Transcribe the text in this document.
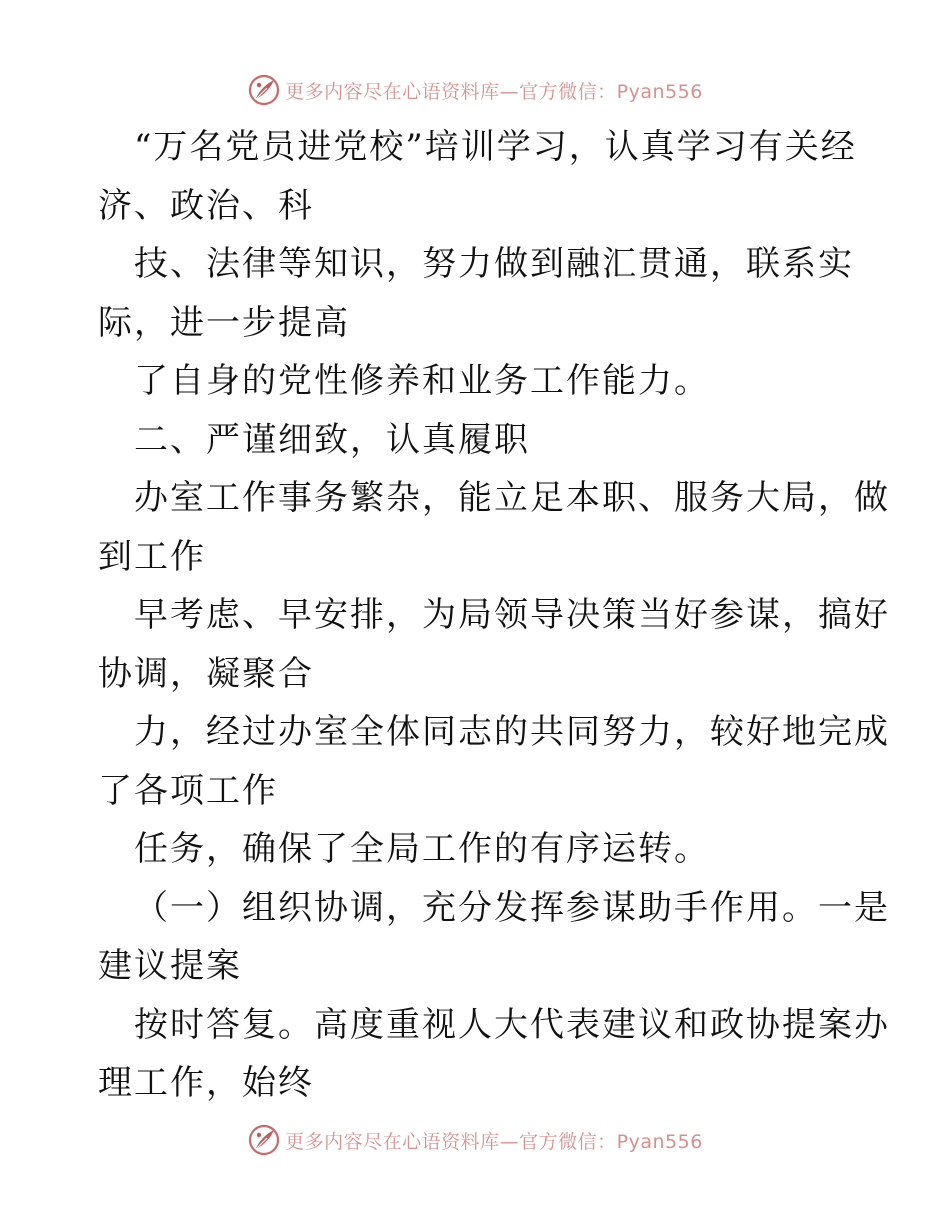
更多内容尽在心语资料库—官方微信：Pyan556
“万名党员进党校”培训学习，认真学习有关经
济、政治、科
技、法律等知识，努力做到融汇贯通，联系实
际，进一步提高
了自身的党性修养和业务工作能力。
二、严谨细致，认真履职
办室工作事务繁杂，能立足本职、服务大局，做
到工作
早考虑、早安排，为局领导决策当好参谋，搞好
协调，凝聚合
力，经过办室全体同志的共同努力，较好地完成
了各项工作
任务，确保了全局工作的有序运转。
（一）组织协调，充分发挥参谋助手作用。一是
建议提案
按时答复。高度重视人大代表建议和政协提案办
理工作，始终
更多内容尽在心语资料库—官方微信：Pyan556
